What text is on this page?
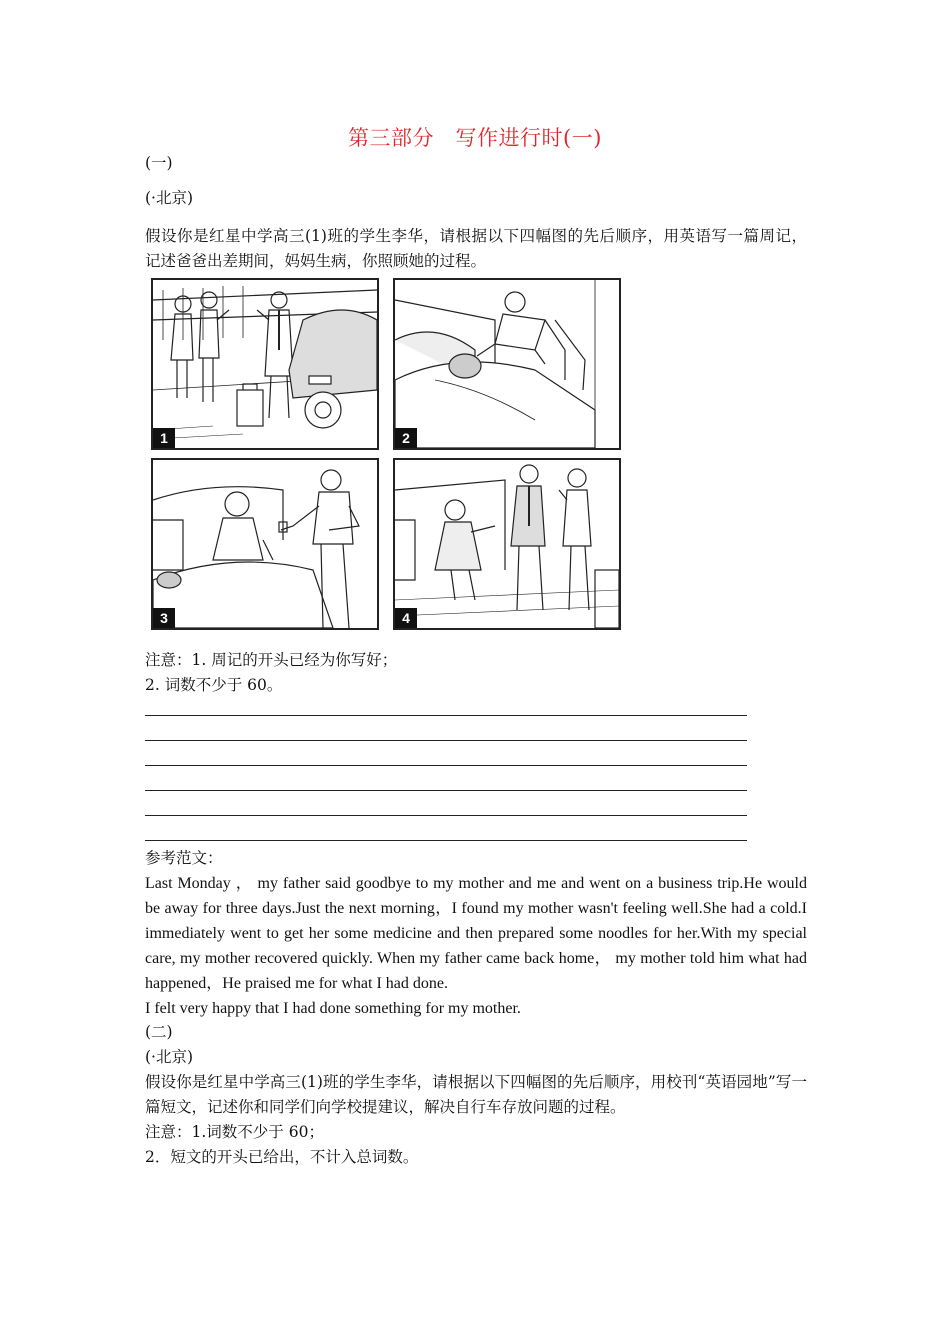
第三部分　写作进行时(一)
(一)
(·北京)
假设你是红星中学高三(1)班的学生李华，请根据以下四幅图的先后顺序，用英语写一篇周记， 记述爸爸出差期间，妈妈生病，你照顾她的过程。
1	2
3	4
注意：1. 周记的开头已经为你写好；
2. 词数不少于 60。
参考范文：
Last Monday ， my father said goodbye to my mother and me and went on a business trip.He would be away for three days.Just the next morning，I found my mother wasn't feeling well.She had a cold.I immediately went to get her some medicine and then prepared some noodles for her.With my special care, my mother recovered quickly. When my father came back home， my mother told him what had happened，He praised me for what I had done.
I felt very happy that I had done something for my mother.
(二)
(·北京)
假设你是红星中学高三(1)班的学生李华，请根据以下四幅图的先后顺序，用校刊“英语园地”写一篇短文，记述你和同学们向学校提建议，解决自行车存放问题的过程。
注意：1.词数不少于 60；
2．短文的开头已给出，不计入总词数。
